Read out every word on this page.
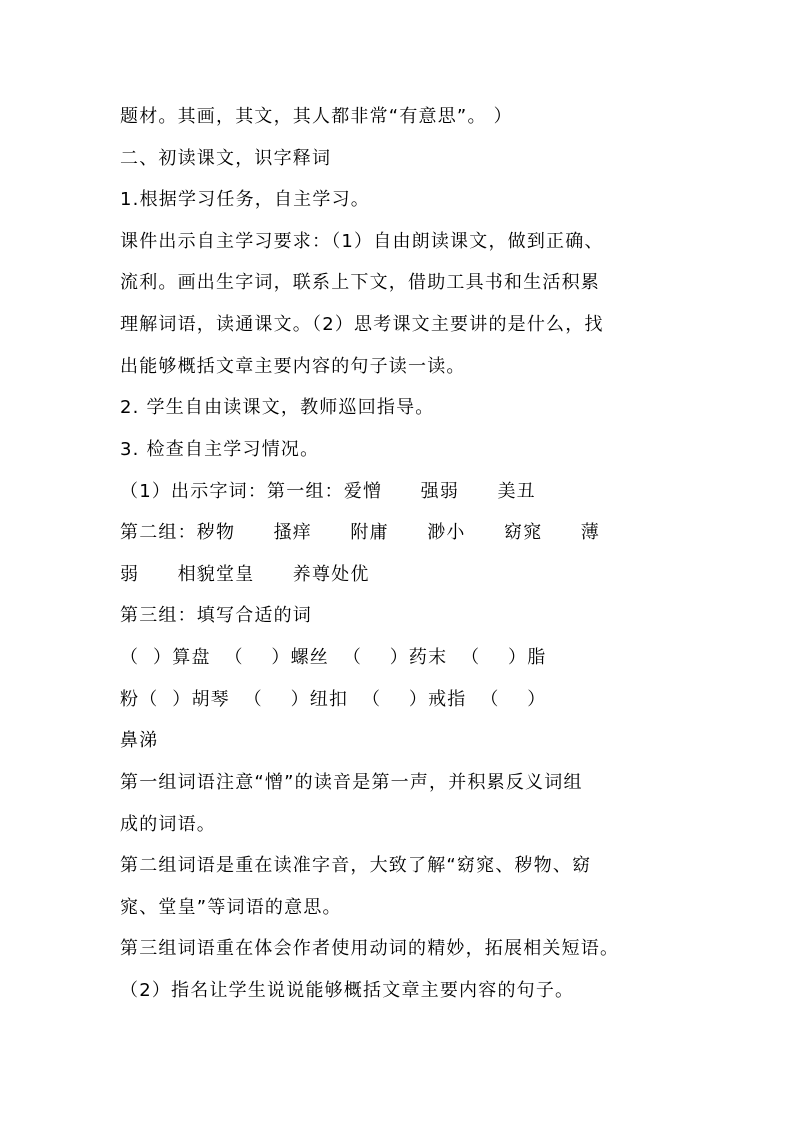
题材。其画，其文，其人都非常“有意思”。 ）
二、初读课文，识字释词
1.根据学习任务，自主学习。
课件出示自主学习要求：（1）自由朗读课文，做到正确、
流利。画出生字词，联系上下文，借助工具书和生活积累
理解词语，读通课文。（2）思考课文主要讲的是什么，找
出能够概括文章主要内容的句子读一读。
2. 学生自由读课文，教师巡回指导。
3. 检查自主学习情况。
（1）出示字词：第一组：爱憎　　强弱　　美丑
第二组：秽物　　搔痒　　附庸　　渺小　　窈窕　　薄
弱　　相貌堂皇　　养尊处优
第三组：填写合适的词
（  ）算盘  （    ）螺丝  （    ）药末  （    ）脂
粉（  ）胡琴  （    ）纽扣  （    ）戒指  （    ）
鼻涕
第一组词语注意“憎”的读音是第一声，并积累反义词组
成的词语。
第二组词语是重在读准字音，大致了解“窈窕、秽物、窈
窕、堂皇”等词语的意思。
第三组词语重在体会作者使用动词的精妙，拓展相关短语。
（2）指名让学生说说能够概括文章主要内容的句子。
